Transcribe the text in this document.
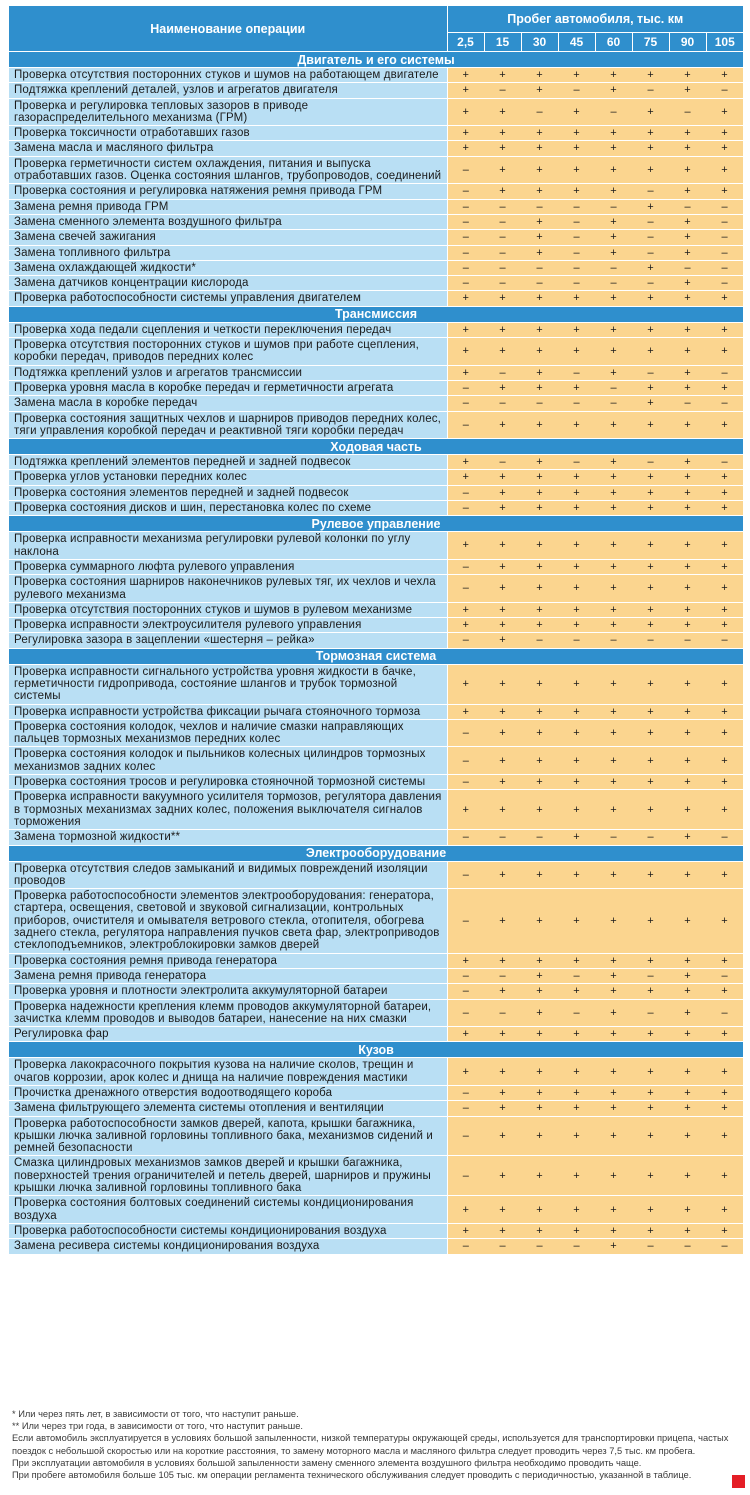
Наименование операции	Пробег автомобиля, тыс. км							
	2,5	15	30	45	60	75	90	105
Двигатель и его системы								
Проверка отсутствия посторонних стуков и шумов на работающем двигателе	+	+	+	+	+	+	+	+
Подтяжка креплений деталей, узлов и агрегатов двигателя	+	–	+	–	+	–	+	–
Проверка и регулировка тепловых зазоров в приводе газораспределительного механизма (ГРМ)	+	+	–	+	–	+	–	+
Проверка токсичности отработавших газов	+	+	+	+	+	+	+	+
Замена масла и масляного фильтра	+	+	+	+	+	+	+	+
Проверка герметичности систем охлаждения, питания и выпуска отработавших газов. Оценка состояния шлангов, трубопроводов, соединений	–	+	+	+	+	+	+	+
Проверка состояния и регулировка натяжения ремня привода ГРМ	–	+	+	+	+	–	+	+
Замена ремня привода ГРМ	–	–	–	–	–	+	–	–
Замена сменного элемента воздушного фильтра	–	–	+	–	+	–	+	–
Замена свечей зажигания	–	–	+	–	+	–	+	–
Замена топливного фильтра	–	–	+	–	+	–	+	–
Замена охлаждающей жидкости*	–	–	–	–	–	+	–	–
Замена датчиков концентрации кислорода	–	–	–	–	–	–	+	–
Проверка работоспособности системы управления двигателем	+	+	+	+	+	+	+	+
Трансмиссия								
Проверка хода педали сцепления и четкости переключения передач	+	+	+	+	+	+	+	+
Проверка отсутствия посторонних стуков и шумов при работе сцепления, коробки передач, приводов передних колес	+	+	+	+	+	+	+	+
Подтяжка креплений узлов и агрегатов трансмиссии	+	–	+	–	+	–	+	–
Проверка уровня масла в коробке передач и герметичности агрегата	–	+	+	+	–	+	+	+
Замена масла в коробке передач	–	–	–	–	–	+	–	–
Проверка состояния защитных чехлов и шарниров приводов передних колес, тяги управления коробкой передач и реактивной тяги коробки передач	–	+	+	+	+	+	+	+
Ходовая часть								
Подтяжка креплений элементов передней и задней подвесок	+	–	+	–	+	–	+	–
Проверка углов установки передних колес	+	+	+	+	+	+	+	+
Проверка состояния элементов передней и задней подвесок	–	+	+	+	+	+	+	+
Проверка состояния дисков и шин, перестановка колес по схеме	–	+	+	+	+	+	+	+
Рулевое управление								
Проверка исправности механизма регулировки рулевой колонки по углу наклона	+	+	+	+	+	+	+	+
Проверка суммарного люфта рулевого управления	–	+	+	+	+	+	+	+
Проверка состояния шарниров наконечников рулевых тяг, их чехлов и чехла рулевого механизма	–	+	+	+	+	+	+	+
Проверка отсутствия посторонних стуков и шумов в рулевом механизме	+	+	+	+	+	+	+	+
Проверка исправности электроусилителя рулевого управления	+	+	+	+	+	+	+	+
Регулировка зазора в зацеплении «шестерня – рейка»	–	+	–	–	–	–	–	–
Тормозная система								
Проверка исправности сигнального устройства уровня жидкости в бачке, герметичности гидропривода, состояние шлангов и трубок тормозной системы	+	+	+	+	+	+	+	+
Проверка исправности устройства фиксации рычага стояночного тормоза	+	+	+	+	+	+	+	+
Проверка состояния колодок, чехлов и наличие смазки направляющих пальцев тормозных механизмов передних колес	–	+	+	+	+	+	+	+
Проверка состояния колодок и пыльников колесных цилиндров тормозных механизмов задних колес	–	+	+	+	+	+	+	+
Проверка состояния тросов и регулировка стояночной тормозной системы	–	+	+	+	+	+	+	+
Проверка исправности вакуумного усилителя тормозов, регулятора давления в тормозных механизмах задних колес, положения выключателя сигналов торможения	+	+	+	+	+	+	+	+
Замена тормозной жидкости**	–	–	–	+	–	–	+	–
Электрооборудование								
Проверка отсутствия следов замыканий и видимых повреждений изоляции проводов	–	+	+	+	+	+	+	+
Проверка работоспособности элементов электрооборудования: генератора, стартера, освещения, световой и звуковой сигнализации, контрольных приборов, очистителя и омывателя ветрового стекла, отопителя, обогрева заднего стекла, регулятора направления пучков света фар, электроприводов стеклоподъемников, электроблокировки замков дверей	–	+	+	+	+	+	+	+
Проверка состояния ремня привода генератора	+	+	+	+	+	+	+	+
Замена ремня привода генератора	–	–	+	–	+	–	+	–
Проверка уровня и плотности электролита аккумуляторной батареи	–	+	+	+	+	+	+	+
Проверка надежности крепления клемм проводов аккумуляторной батареи, зачистка клемм проводов и выводов батареи, нанесение на них смазки	–	–	+	–	+	–	+	–
Регулировка фар	+	+	+	+	+	+	+	+
Кузов								
Проверка лакокрасочного покрытия кузова на наличие сколов, трещин и очагов коррозии, арок колес и днища на наличие повреждения мастики	+	+	+	+	+	+	+	+
Прочистка дренажного отверстия водоотводящего короба	–	+	+	+	+	+	+	+
Замена фильтрующего элемента системы отопления и вентиляции	–	+	+	+	+	+	+	+
Проверка работоспособности замков дверей, капота, крышки багажника, крышки лючка заливной горловины топливного бака, механизмов сидений и ремней безопасности	–	+	+	+	+	+	+	+
Смазка цилиндровых механизмов замков дверей и крышки багажника, поверхностей трения ограничителей и петель дверей, шарниров и пружины крышки лючка заливной горловины топливного бака	–	+	+	+	+	+	+	+
Проверка состояния болтовых соединений системы кондиционирования воздуха	+	+	+	+	+	+	+	+
Проверка работоспособности системы кондиционирования воздуха	+	+	+	+	+	+	+	+
Замена ресивера системы кондиционирования воздуха	–	–	–	–	+	–	–	–

* Или через пять лет, в зависимости от того, что наступит раньше.

** Или через три года, в зависимости от того, что наступит раньше.

Если автомобиль эксплуатируется в условиях большой запыленности, низкой температуры окружающей среды, используется для транспортировки прицепа, частых поездок с небольшой скоростью или на короткие расстояния, то замену моторного масла и масляного фильтра следует проводить через 7,5 тыс. км пробега.

При эксплуатации автомобиля в условиях большой запыленности замену сменного элемента воздушного фильтра необходимо проводить чаще.

При пробеге автомобиля больше 105 тыс. км операции регламента технического обслуживания следует проводить с периодичностью, указанной в таблице.
